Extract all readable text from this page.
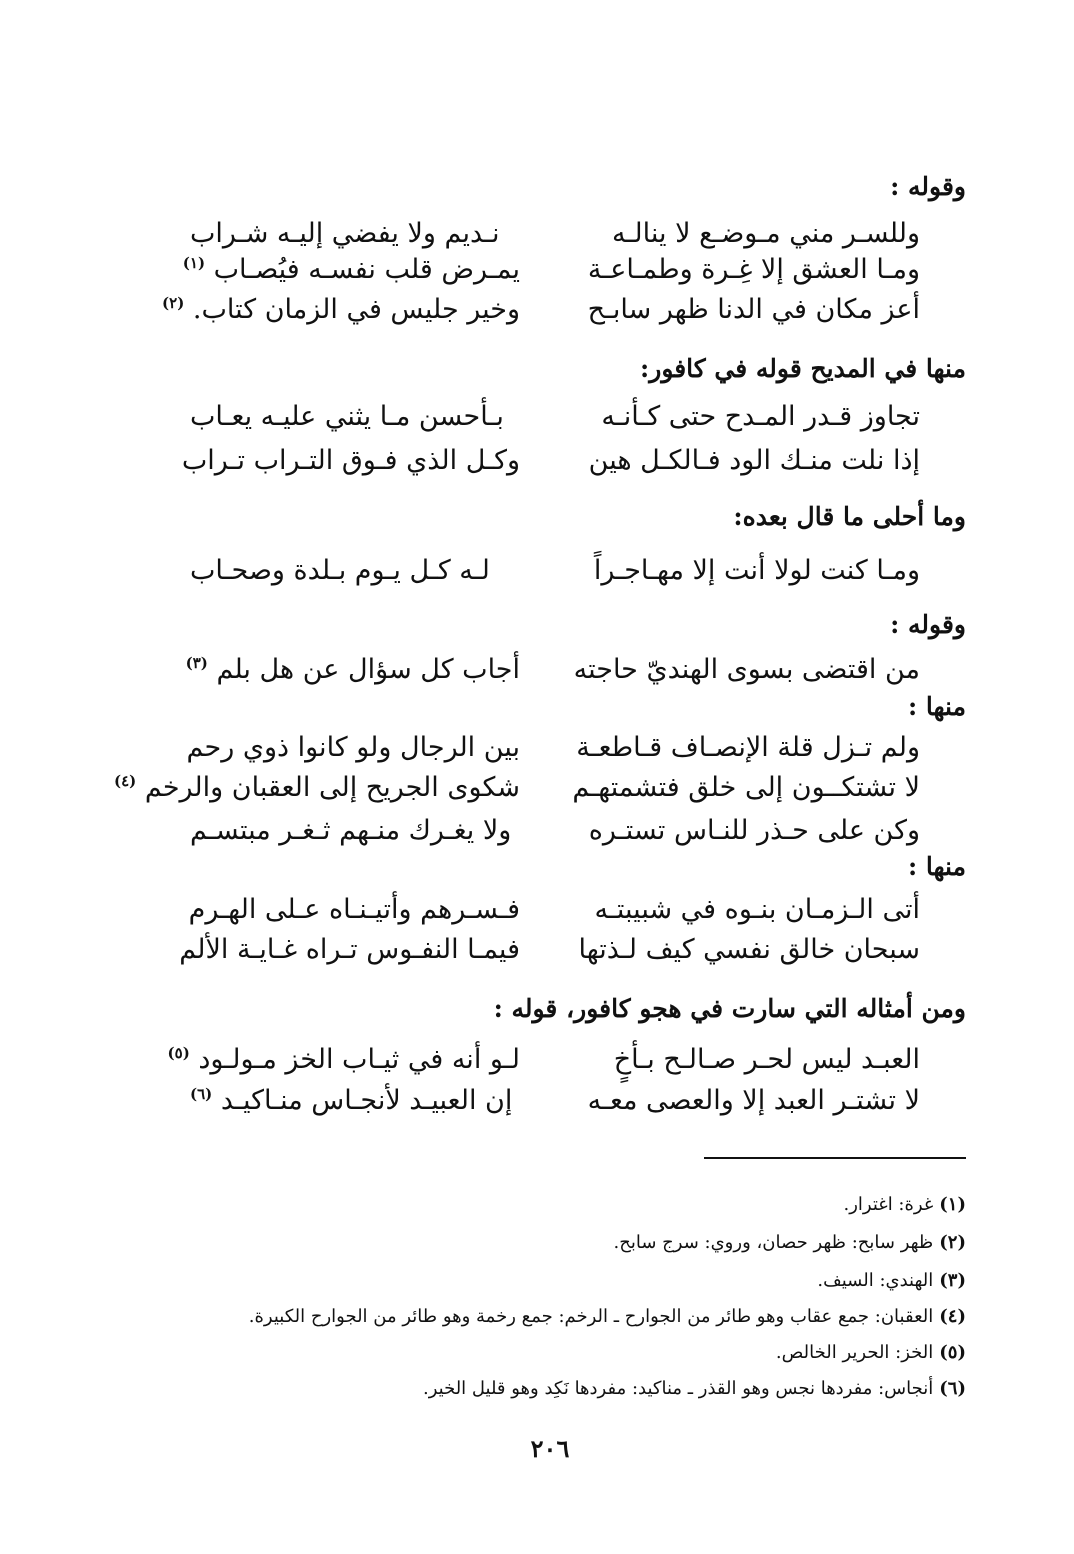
وقوله :
وللسـر مني مـوضـع لا ينالـه
نـديم ولا يفضي إليـه شـراب
ومـا العشق إلا غِـرة وطمـاعـة
يمـرض قلب نفسـه فيُصـاب $^{(١)}$
أعز مكان في الدنا ظهر سابـح
وخير جليس في الزمان كتاب. $^{(٢)}$
منها في المديح قوله في كافور:
تجاوز قـدر المـدح حتى كـأنـه
بـأحسن مـا يثني عليـه يعـاب
إذا نلت منـك الود فـالكـل هين
وكـل الذي فـوق التـراب تـراب
وما أحلى ما قال بعده:
ومـا كنت لولا أنت إلا مهـاجـراً
لـه كـل يـوم بـلدة وصحـاب
وقوله :
من اقتضى بسوى الهنديّ حاجته
أجاب كل سؤال عن هل بلم $^{(٣)}$
منها :
ولم تـزل قلة الإنصـاف قـاطعـة
بين الرجال ولو كانوا ذوي رحم
لا تشتكــون إلى خلق فتشمتهـم
شكوى الجريح إلى العقبان والرخم $^{(٤)}$
وكن على حـذر للنـاس تستـره
ولا يغـرك منـهم ثـغـر مبتسـم
منها :
أتى الـزمـان بنـوه في شبيبتـه
فـسـرهم وأتيـنـاه عـلى الهـرم
سبحان خالق نفسي كيف لـذتها
فيمـا النفـوس تـراه غـايـة الألم
ومن أمثاله التي سارت في هجو كافور، قوله :
العبـد ليس لحـر صـالـح بـأخٍ
لـو أنه في ثيـاب الخز مـولـود $^{(٥)}$
لا تشتـر العبد إلا والعصى معـه
إن العبيـد لأنجـاس منـاكيـد $^{(٦)}$
(١)غرة: اغترار.
(٢)ظهر سابح: ظهر حصان، وروي: سرج سابح.
(٣)الهندي: السيف.
(٤)العقبان: جمع عقاب وهو طائر من الجوارح ـ الرخم: جمع رخمة وهو طائر من الجوارح الكبيرة.
(٥)الخز: الحرير الخالص.
(٦)أنجاس: مفردها نجس وهو القذر ـ مناكيد: مفردها نَكِد وهو قليل الخير.
٢٠٦
